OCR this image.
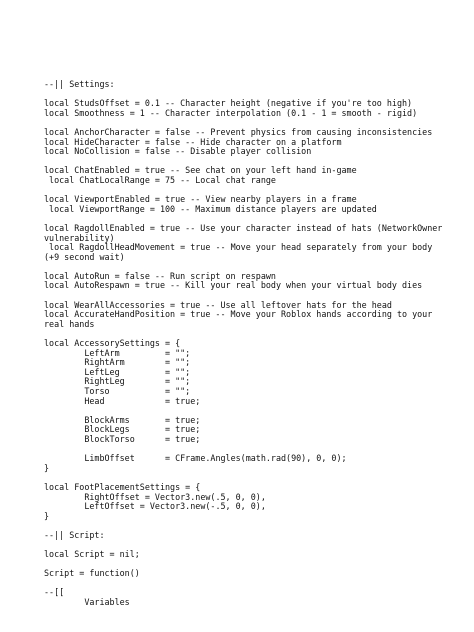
--|| Settings:
local StudsOffset = 0.1 -- Character height (negative if you're too high)
local Smoothness = 1 -- Character interpolation (0.1 - 1 = smooth - rigid)
local AnchorCharacter = false -- Prevent physics from causing inconsistencies
local HideCharacter = false -- Hide character on a platform
local NoCollision = false -- Disable player collision
local ChatEnabled = true -- See chat on your left hand in-game
local ChatLocalRange = 75 -- Local chat range
local ViewportEnabled = true -- View nearby players in a frame
local ViewportRange = 100 -- Maximum distance players are updated
local RagdollEnabled = true -- Use your character instead of hats (NetworkOwner vulnerability)
local RagdollHeadMovement = true -- Move your head separately from your body (+9 second wait)
local AutoRun = false -- Run script on respawn
local AutoRespawn = true -- Kill your real body when your virtual body dies
local WearAllAccessories = true -- Use all leftover hats for the head
local AccurateHandPosition = true -- Move your Roblox hands according to your real hands
local AccessorySettings = {
LeftArm         = "";
RightArm        = "";
LeftLeg         = "";
RightLeg        = "";
Torso           = "";
Head            = true;
BlockArms       = true;
BlockLegs       = true;
BlockTorso      = true;
LimbOffset      = CFrame.Angles(math.rad(90), 0, 0);
}
local FootPlacementSettings = {
RightOffset = Vector3.new(.5, 0, 0),
LeftOffset = Vector3.new(-.5, 0, 0),
}
--|| Script:
local Script = nil;
Script = function()
--[[
Variables
